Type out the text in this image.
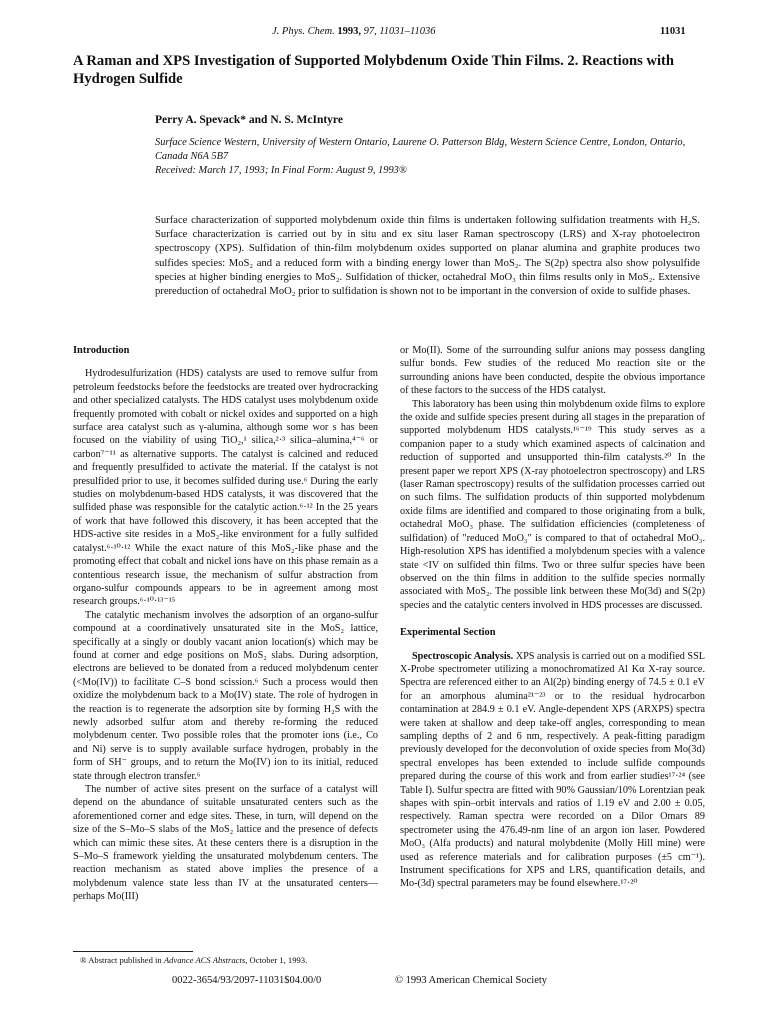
J. Phys. Chem. 1993, 97, 11031–11036	11031
A Raman and XPS Investigation of Supported Molybdenum Oxide Thin Films. 2. Reactions with Hydrogen Sulfide
Perry A. Spevack* and N. S. McIntyre
Surface Science Western, University of Western Ontario, Laurene O. Patterson Bldg, Western Science Centre, London, Ontario, Canada N6A 5B7
Received: March 17, 1993; In Final Form: August 9, 1993®

Surface characterization of supported molybdenum oxide thin films is undertaken following sulfidation treatments with H₂S. Surface characterization is carried out by in situ and ex situ laser Raman spectroscopy (LRS) and X-ray photoelectron spectroscopy (XPS). Sulfidation of thin-film molybdenum oxides supported on planar alumina and graphite produces two sulfides species: MoS₂ and a reduced form with a binding energy lower than MoS₂. The S(2p) spectra also show polysulfide species at higher binding energies to MoS₂. Sulfidation of thicker, octahedral MoO₃ thin films results only in MoS₂. Extensive prereduction of octahedral MoO₂ prior to sulfidation is shown not to be important in the conversion of oxide to sulfide phases.

Introduction

Hydrodesulfurization (HDS) catalysts are used to remove sulfur from petroleum feedstocks before the feedstocks are treated over hydrocracking and other specialized catalysts. The HDS catalyst uses molybdenum oxide frequently promoted with cobalt or nickel oxides and supported on a high surface area catalyst such as γ-alumina, although some wor s has been focused on the viability of using TiO₂,¹ silica,²·³ silica–alumina,⁴⁻⁶ or carbon⁷⁻¹¹ as alternative supports. The catalyst is calcined and reduced and frequently presulfided to activate the material. If the catalyst is not presulfided prior to use, it becomes sulfided during use.⁶ During the early studies on molybdenum-based HDS catalysts, it was discovered that the sulfided phase was responsible for the catalytic action.⁶·¹² In the 25 years of work that have followed this discovery, it has been accepted that the HDS-active site resides in a MoS₂-like environment for a fully sulfided catalyst.⁶·¹⁰·¹² While the exact nature of this MoS₂-like phase and the promoting effect that cobalt and nickel ions have on this phase remain as a contentious research issue, the mechanism of sulfur abstraction from organo-sulfur compounds appears to be in agreement among most research groups.⁶·¹⁰·¹³⁻¹⁵

The catalytic mechanism involves the adsorption of an organo-sulfur compound at a coordinatively unsaturated site in the MoS₂ lattice, specifically at a singly or doubly vacant anion location(s) which may be found at corner and edge positions on MoS₂ slabs. During adsorption, electrons are believed to be donated from a reduced molybdenum center (<Mo(IV)) to facilitate C–S bond scission.⁶ Such a process would then oxidize the molybdenum back to a Mo(IV) state. The role of hydrogen in the reaction is to regenerate the adsorption site by forming H₂S with the newly adsorbed sulfur atom and thereby re-forming the reduced molybdenum center. Two possible roles that the promoter ions (i.e., Co and Ni) serve is to supply available surface hydrogen, probably in the form of SH⁻ groups, and to return the Mo(IV) ion to its initial, reduced state through electron transfer.⁶

The number of active sites present on the surface of a catalyst will depend on the abundance of suitable unsaturated centers such as the aforementioned corner and edge sites. These, in turn, will depend on the size of the S–Mo–S slabs of the MoS₂ lattice and the presence of defects which can mimic these sites. At these centers there is a disruption in the S–Mo–S framework yielding the unsaturated molybdenum centers. The reaction mechanism as stated above implies the presence of a molybdenum valence state less than IV at the unsaturated centers—perhaps Mo(III)

or Mo(II). Some of the surrounding sulfur anions may possess dangling sulfur bonds. Few studies of the reduced Mo reaction site or the surrounding anions have been conducted, despite the obvious importance of these factors to the success of the HDS catalyst.

This laboratory has been using thin molybdenum oxide films to explore the oxide and sulfide species present during all stages in the preparation of supported molybdenum HDS catalysts.¹⁶⁻¹⁹ This study serves as a companion paper to a study which examined aspects of calcination and reduction of supported and unsupported thin-film catalysts.²⁰ In the present paper we report XPS (X-ray photoelectron spectroscopy) and LRS (laser Raman spectroscopy) results of the sulfidation processes carried out on such films. The sulfidation products of thin supported molybdenum oxide films are identified and compared to those originating from a bulk, octahedral MoO₃ phase. The sulfidation efficiencies (completeness of sulfidation) of "reduced MoO₃" is compared to that of octahedral MoO₃. High-resolution XPS has identified a molybdenum species with a valence state <IV on sulfided thin films. Two or three sulfur species have been observed on the thin films in addition to the sulfide species normally associated with MoS₂. The possible link between these Mo(3d) and S(2p) species and the catalytic centers involved in HDS processes are discussed.

Experimental Section

Spectroscopic Analysis. XPS analysis is carried out on a modified SSL X-Probe spectrometer utilizing a monochromatized Al Kα X-ray source. Spectra are referenced either to an Al(2p) binding energy of 74.5 ± 0.1 eV for an amorphous alumina²¹⁻²³ or to the residual hydrocarbon contamination at 284.9 ± 0.1 eV. Angle-dependent XPS (ARXPS) spectra were taken at shallow and deep take-off angles, corresponding to mean sampling depths of 2 and 6 nm, respectively. A peak-fitting paradigm previously developed for the deconvolution of oxide species from Mo(3d) spectral envelopes has been extended to include sulfide compounds prepared during the course of this work and from earlier studies¹⁷·²⁴ (see Table I). Sulfur spectra are fitted with 90% Gaussian/10% Lorentzian peak shapes with spin–orbit intervals and ratios of 1.19 eV and 2.00 ± 0.05, respectively. Raman spectra were recorded on a Dilor Omars 89 spectrometer using the 476.49-nm line of an argon ion laser. Powdered MoO₃ (Alfa products) and natural molybdenite (Molly Hill mine) were used as reference materials and for calibration purposes (±5 cm⁻¹). Instrument specifications for XPS and LRS, quantification details, and Mo-(3d) spectral parameters may be found elsewhere.¹⁷·²⁰

® Abstract published in Advance ACS Abstracts, October 1, 1993.
0022-3654/93/2097-11031$04.00/0	© 1993 American Chemical Society
